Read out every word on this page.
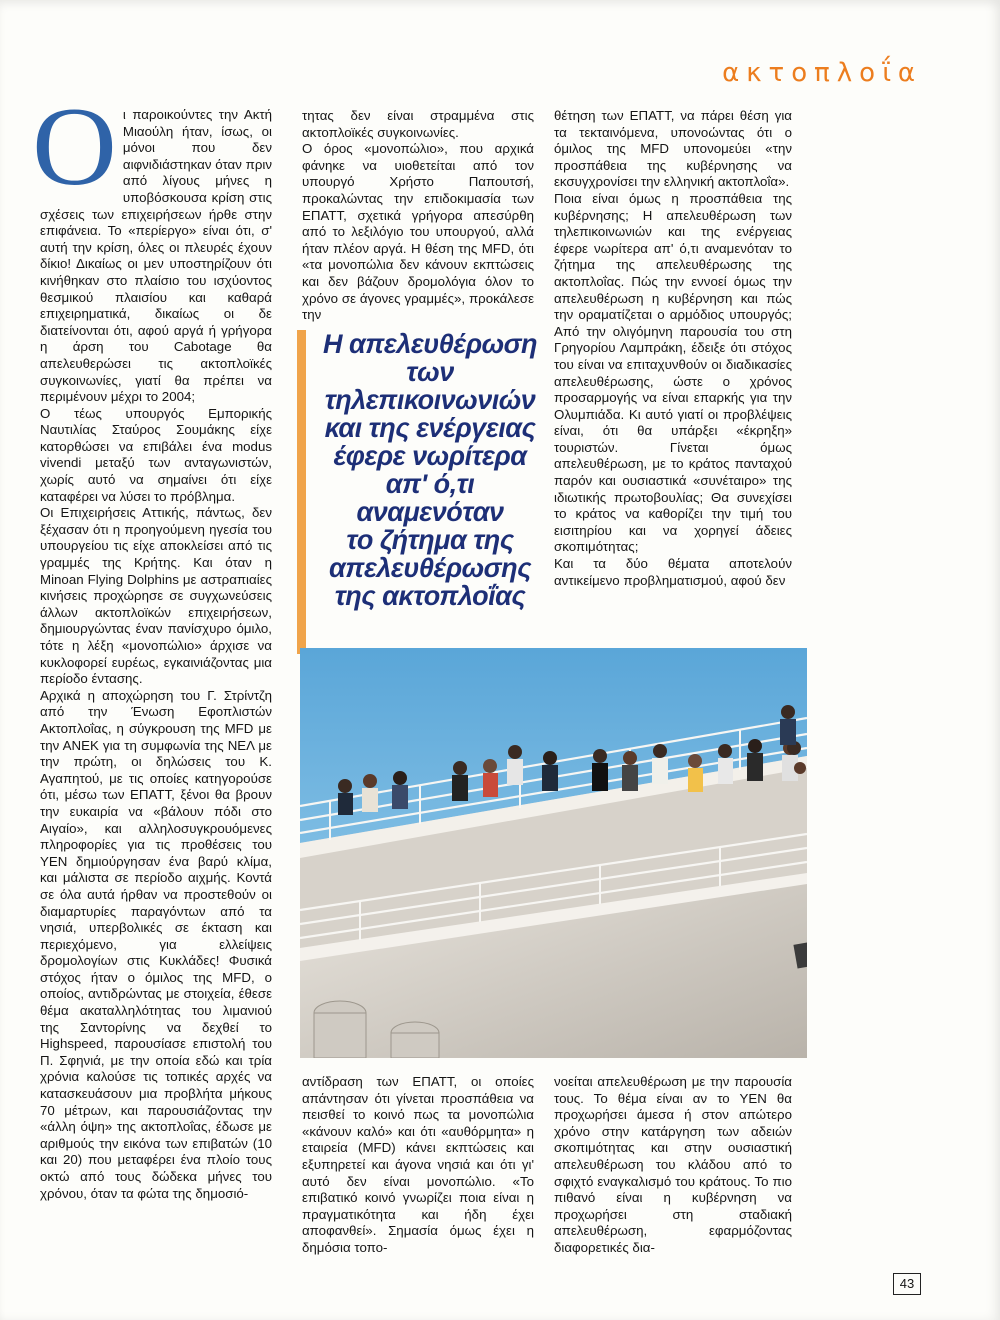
ακτοπλοΐα
Ο ι παροικούντες την Ακτή Μιαούλη ήταν, ίσως, οι μόνοι που δεν αιφνιδιάστηκαν όταν πριν από λίγους μήνες η υποβόσκουσα κρίση στις σχέσεις των επιχειρήσεων ήρθε στην επιφάνεια. Το «περίεργο» είναι ότι, σ' αυτή την κρίση, όλες οι πλευρές έχουν δίκιο! Δικαίως οι μεν υποστηρίζουν ότι κινήθηκαν στο πλαίσιο του ισχύοντος θεσμικού πλαισίου και καθαρά επιχειρηματικά, δικαίως οι δε διατείνονται ότι, αφού αργά ή γρήγορα η άρση του Cabotage θα απελευθερώσει τις ακτοπλοϊκές συγκοινωνίες, γιατί θα πρέπει να περιμένουν μέχρι το 2004;

Ο τέως υπουργός Εμπορικής Ναυτιλίας Σταύρος Σουμάκης είχε κατορθώσει να επιβάλει ένα modus vivendi μεταξύ των ανταγωνιστών, χωρίς αυτό να σημαίνει ότι είχε καταφέρει να λύσει το πρόβλημα.

Οι Επιχειρήσεις Αττικής, πάντως, δεν ξέχασαν ότι η προηγούμενη ηγεσία του υπουργείου τις είχε αποκλείσει από τις γραμμές της Κρήτης. Και όταν η Minoan Flying Dolphins με αστραπιαίες κινήσεις προχώρησε σε συγχωνεύσεις άλλων ακτοπλοϊκών επιχειρήσεων, δημιουργώντας έναν πανίσχυρο όμιλο, τότε η λέξη «μονοπώλιο» άρχισε να κυκλοφορεί ευρέως, εγκαινιάζοντας μια περίοδο έντασης.

Αρχικά η αποχώρηση του Γ. Στρίντζη από την Ένωση Εφοπλιστών Ακτοπλοΐας, η σύγκρουση της MFD με την ΑΝΕΚ για τη συμφωνία της ΝΕΛ με την πρώτη, οι δηλώσεις του Κ. Αγαπητού, με τις οποίες κατηγορούσε ότι, μέσω των ΕΠΑΤΤ, ξένοι θα βρουν την ευκαιρία να «βάλουν πόδι στο Αιγαίο», και αλληλοσυγκρουόμενες πληροφορίες για τις προθέσεις του ΥΕΝ δημιούργησαν ένα βαρύ κλίμα, και μάλιστα σε περίοδο αιχμής. Κοντά σε όλα αυτά ήρθαν να προστεθούν οι διαμαρτυρίες παραγόντων από τα νησιά, υπερβολικές σε έκταση και περιεχόμενο, για ελλείψεις δρομολογίων στις Κυκλάδες! Φυσικά στόχος ήταν ο όμιλος της MFD, ο οποίος, αντιδρώντας με στοιχεία, έθεσε θέμα ακαταλληλότητας του λιμανιού της Σαντορίνης να δεχθεί το Highspeed, παρουσίασε επιστολή του Π. Σφηνιά, με την οποία εδώ και τρία χρόνια καλούσε τις τοπικές αρχές να κατασκευάσουν μια προβλήτα μήκους 70 μέτρων, και παρουσιάζοντας την «άλλη όψη» της ακτοπλοΐας, έδωσε με αριθμούς την εικόνα των επιβατών (10 και 20) που μεταφέρει ένα πλοίο τους οκτώ από τους δώδεκα μήνες του χρόνου, όταν τα φώτα της δημοσιό-

τητας δεν είναι στραμμένα στις ακτοπλοϊκές συγκοινωνίες.

Ο όρος «μονοπώλιο», που αρχικά φάνηκε να υιοθετείται από τον υπουργό Χρήστο Παπουτσή, προκαλώντας την επιδοκιμασία των ΕΠΑΤΤ, σχετικά γρήγορα απεσύρθη από το λεξιλόγιο του υπουργού, αλλά ήταν πλέον αργά. Η θέση της MFD, ότι «τα μονοπώλια δεν κάνουν εκπτώσεις και δεν βάζουν δρομολόγια όλον το χρόνο σε άγονες γραμμές», προκάλεσε την

Η απελευθέρωση
των
τηλεπικοινωνιών
και της ενέργειας
έφερε νωρίτερα
απ' ό,τι
αναμενόταν
το ζήτημα της
απελευθέρωσης
της ακτοπλοΐας

θέτηση των ΕΠΑΤΤ, να πάρει θέση για τα τεκταινόμενα, υπονοώντας ότι ο όμιλος της MFD υπονομεύει «την προσπάθεια της κυβέρνησης να εκσυγχρονίσει την ελληνική ακτοπλοΐα».

Ποια είναι όμως η προσπάθεια της κυβέρνησης; Η απελευθέρωση των τηλεπικοινωνιών και της ενέργειας έφερε νωρίτερα απ' ό,τι αναμενόταν το ζήτημα της απελευθέρωσης της ακτοπλοΐας. Πώς την εννοεί όμως την απελευθέρωση η κυβέρνηση και πώς την οραματίζεται ο αρμόδιος υπουργός; Από την ολιγόμηνη παρουσία του στη Γρηγορίου Λαμπράκη, έδειξε ότι στόχος του είναι να επιταχυνθούν οι διαδικασίες απελευθέρωσης, ώστε ο χρόνος προσαρμογής να είναι επαρκής για την Ολυμπιάδα. Κι αυτό γιατί οι προβλέψεις είναι, ότι θα υπάρξει «έκρηξη» τουριστών. Γίνεται όμως απελευθέρωση, με το κράτος πανταχού παρόν και ουσιαστικά «συνέταιρο» της ιδιωτικής πρωτοβουλίας; Θα συνεχίσει το κράτος να καθορίζει την τιμή του εισιτηρίου και να χορηγεί άδειες σκοπιμότητας;

Και τα δύο θέματα αποτελούν αντικείμενο προβληματισμού, αφού δεν

αντίδραση των ΕΠΑΤΤ, οι οποίες απάντησαν ότι γίνεται προσπάθεια να πεισθεί το κοινό πως τα μονοπώλια «κάνουν καλό» και ότι «αυθόρμητα» η εταιρεία (MFD) κάνει εκπτώσεις και εξυπηρετεί και άγονα νησιά και ότι γι' αυτό δεν είναι μονοπώλιο. «Το επιβατικό κοινό γνωρίζει ποια είναι η πραγματικότητα και ήδη έχει αποφανθεί». Σημασία όμως έχει η δημόσια τοπο-

νοείται απελευθέρωση με την παρουσία τους. Το θέμα είναι αν το ΥΕΝ θα προχωρήσει άμεσα ή στον απώτερο χρόνο στην κατάργηση των αδειών σκοπιμότητας και στην ουσιαστική απελευθέρωση του κλάδου από το σφιχτό εναγκαλισμό του κράτους. Το πιο πιθανό είναι η κυβέρνηση να προχωρήσει στη σταδιακή απελευθέρωση, εφαρμόζοντας διαφορετικές δια-

43
